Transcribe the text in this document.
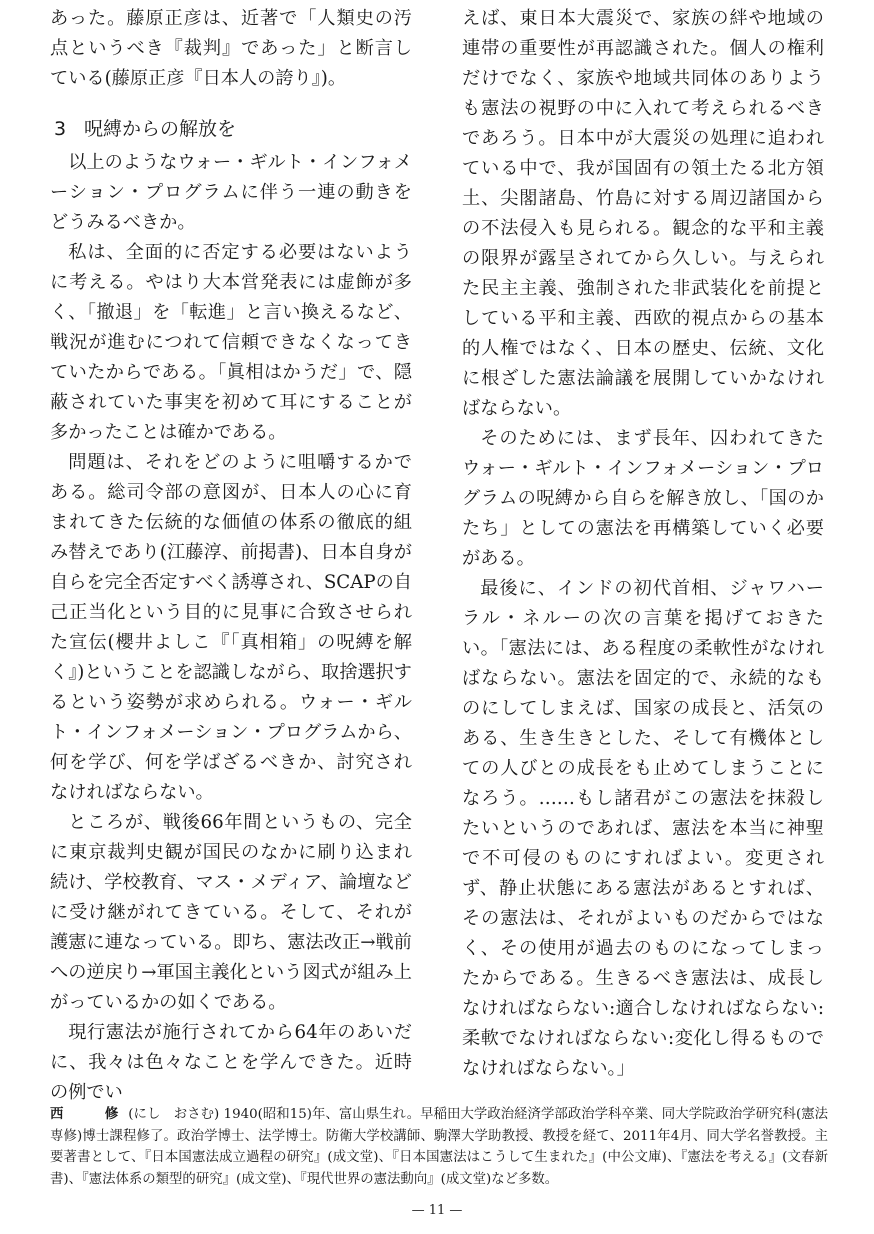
あった。藤原正彦は、近著で「人類史の汚点というべき『裁判』であった」と断言している(藤原正彦『日本人の誇り』)。

3 呪縛からの解放を

以上のようなウォー・ギルト・インフォメーション・プログラムに伴う一連の動きをどうみるべきか。

私は、全面的に否定する必要はないように考える。やはり大本営発表には虚飾が多く、「撤退」を「転進」と言い換えるなど、戦況が進むにつれて信頼できなくなってきていたからである。「眞相はかうだ」で、隠蔽されていた事実を初めて耳にすることが多かったことは確かである。

問題は、それをどのように咀嚼するかである。総司令部の意図が、日本人の心に育まれてきた伝統的な価値の体系の徹底的組み替えであり(江藤淳、前掲書)、日本自身が自らを完全否定すべく誘導され、SCAPの自己正当化という目的に見事に合致させられた宣伝(櫻井よしこ『「真相箱」の呪縛を解く』)ということを認識しながら、取捨選択するという姿勢が求められる。ウォー・ギルト・インフォメーション・プログラムから、何を学び、何を学ばざるべきか、討究されなければならない。

ところが、戦後66年間というもの、完全に東京裁判史観が国民のなかに刷り込まれ続け、学校教育、マス・メディア、論壇などに受け継がれてきている。そして、それが護憲に連なっている。即ち、憲法改正→戦前への逆戻り→軍国主義化という図式が組み上がっているかの如くである。

現行憲法が施行されてから64年のあいだに、我々は色々なことを学んできた。近時の例でい

えば、東日本大震災で、家族の絆や地域の連帯の重要性が再認識された。個人の権利だけでなく、家族や地域共同体のありようも憲法の視野の中に入れて考えられるべきであろう。日本中が大震災の処理に追われている中で、我が国固有の領土たる北方領土、尖閣諸島、竹島に対する周辺諸国からの不法侵入も見られる。観念的な平和主義の限界が露呈されてから久しい。与えられた民主主義、強制された非武装化を前提としている平和主義、西欧的視点からの基本的人権ではなく、日本の歴史、伝統、文化に根ざした憲法論議を展開していかなければならない。

そのためには、まず長年、囚われてきたウォー・ギルト・インフォメーション・プログラムの呪縛から自らを解き放し、「国のかたち」としての憲法を再構築していく必要がある。

最後に、インドの初代首相、ジャワハーラル・ネルーの次の言葉を掲げておきたい。「憲法には、ある程度の柔軟性がなければならない。憲法を固定的で、永続的なものにしてしまえば、国家の成長と、活気のある、生き生きとした、そして有機体としての人びとの成長をも止めてしまうことになろう。……もし諸君がこの憲法を抹殺したいというのであれば、憲法を本当に神聖で不可侵のものにすればよい。変更されず、静止状態にある憲法があるとすれば、その憲法は、それがよいものだからではなく、その使用が過去のものになってしまったからである。生きるべき憲法は、成長しなければならない:適合しなければならない:柔軟でなければならない:変化し得るものでなければならない。」

西　修(にし　おさむ) 1940(昭和15)年、富山県生れ。早稲田大学政治経済学部政治学科卒業、同大学院政治学研究科(憲法専修)博士課程修了。政治学博士、法学博士。防衛大学校講師、駒澤大学助教授、教授を経て、2011年4月、同大学名誉教授。主要著書として、『日本国憲法成立過程の研究』(成文堂)、『日本国憲法はこうして生まれた』(中公文庫)、『憲法を考える』(文春新書)、『憲法体系の類型的研究』(成文堂)、『現代世界の憲法動向』(成文堂)など多数。
— 11 —
